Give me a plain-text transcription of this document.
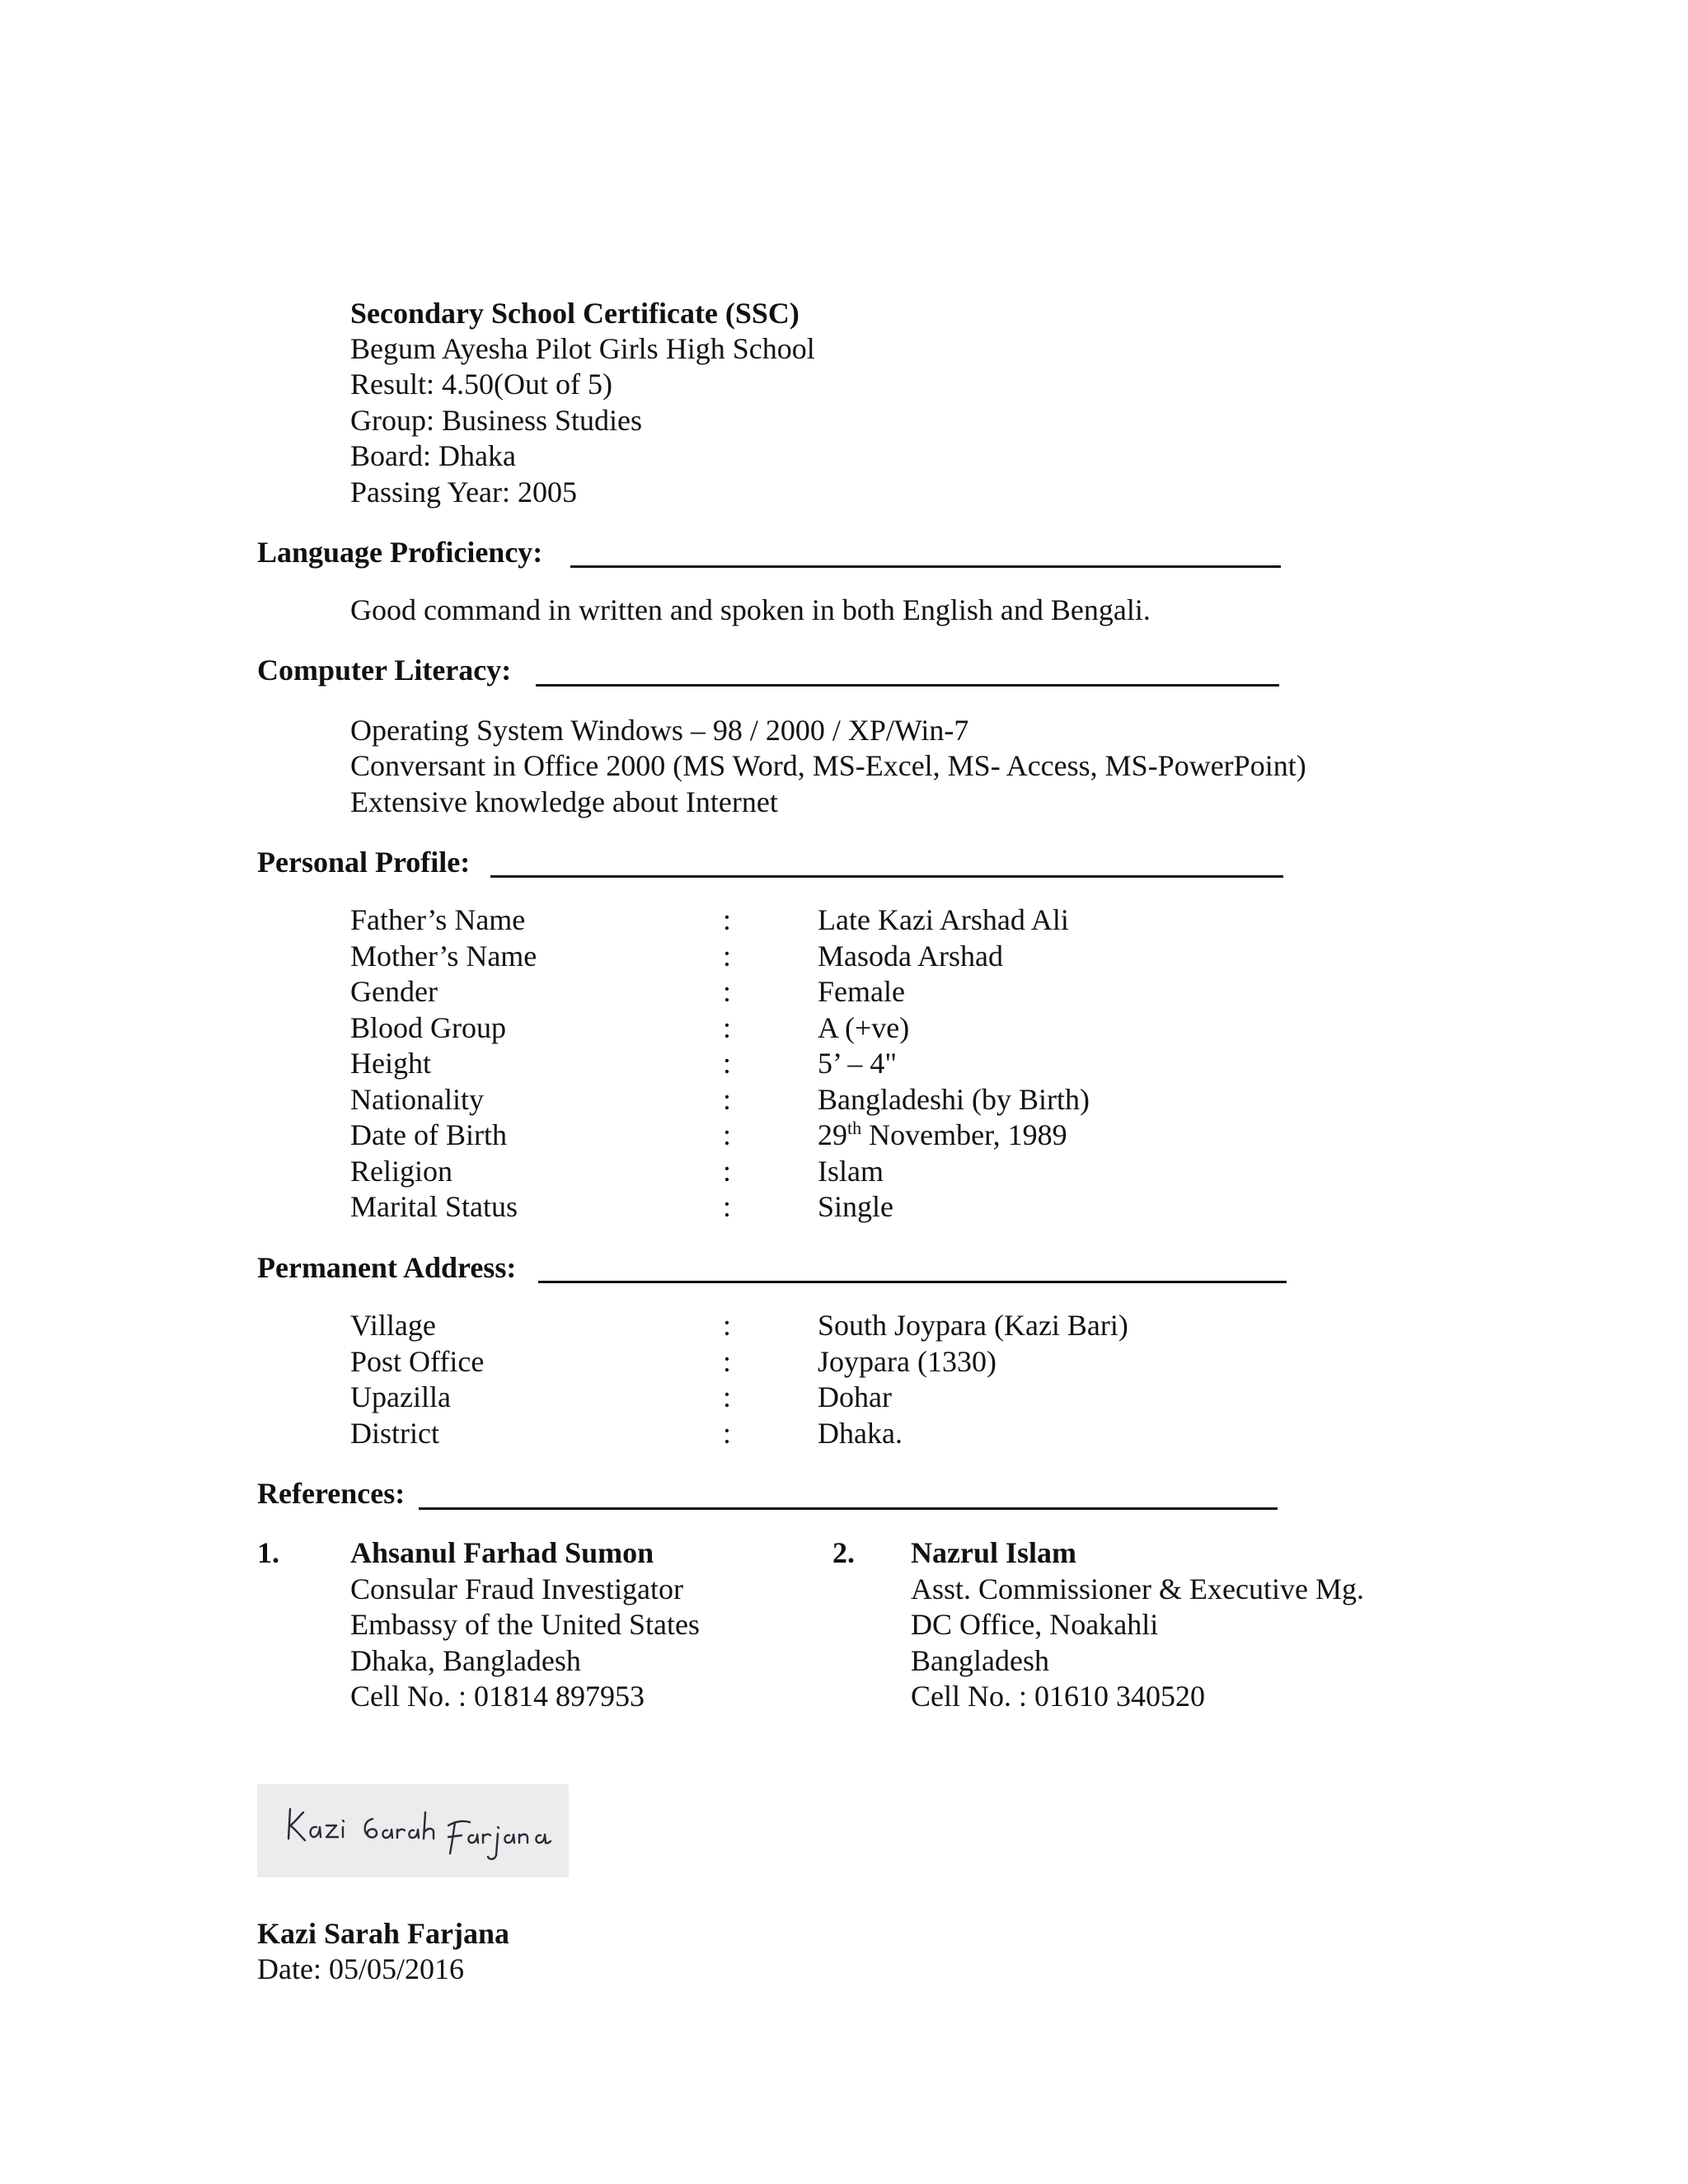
Secondary School Certificate (SSC)
Begum Ayesha Pilot Girls High School
Result: 4.50(Out of 5)
Group: Business Studies
Board: Dhaka
Passing Year: 2005
Language Proficiency:
Good command in written and spoken in both English and Bengali.
Computer Literacy:
Operating System Windows – 98 / 2000 / XP/Win-7
Conversant in Office 2000 (MS Word, MS-Excel, MS- Access, MS-PowerPoint)
Extensive knowledge about Internet
Personal Profile:
Father’s Name	:	Late Kazi Arshad Ali
Mother’s Name	:	Masoda Arshad
Gender	:	Female
Blood Group	:	A (+ve)
Height	:	5’ – 4"
Nationality	:	Bangladeshi (by Birth)
Date of Birth	:	29th November, 1989
Religion	:	Islam
Marital Status	:	Single
Permanent Address:
Village	:	South Joypara (Kazi Bari)
Post Office	:	Joypara (1330)
Upazilla	:	Dohar
District	:	Dhaka.
References:
1. Ahsanul Farhad Sumon
Consular Fraud Investigator
Embassy of the United States
Dhaka, Bangladesh
Cell No. : 01814 897953
2. Nazrul Islam
Asst. Commissioner & Executive Mg.
DC Office, Noakahli
Bangladesh
Cell No. : 01610 340520
Kazi Sarah Farjana
Date: 05/05/2016
